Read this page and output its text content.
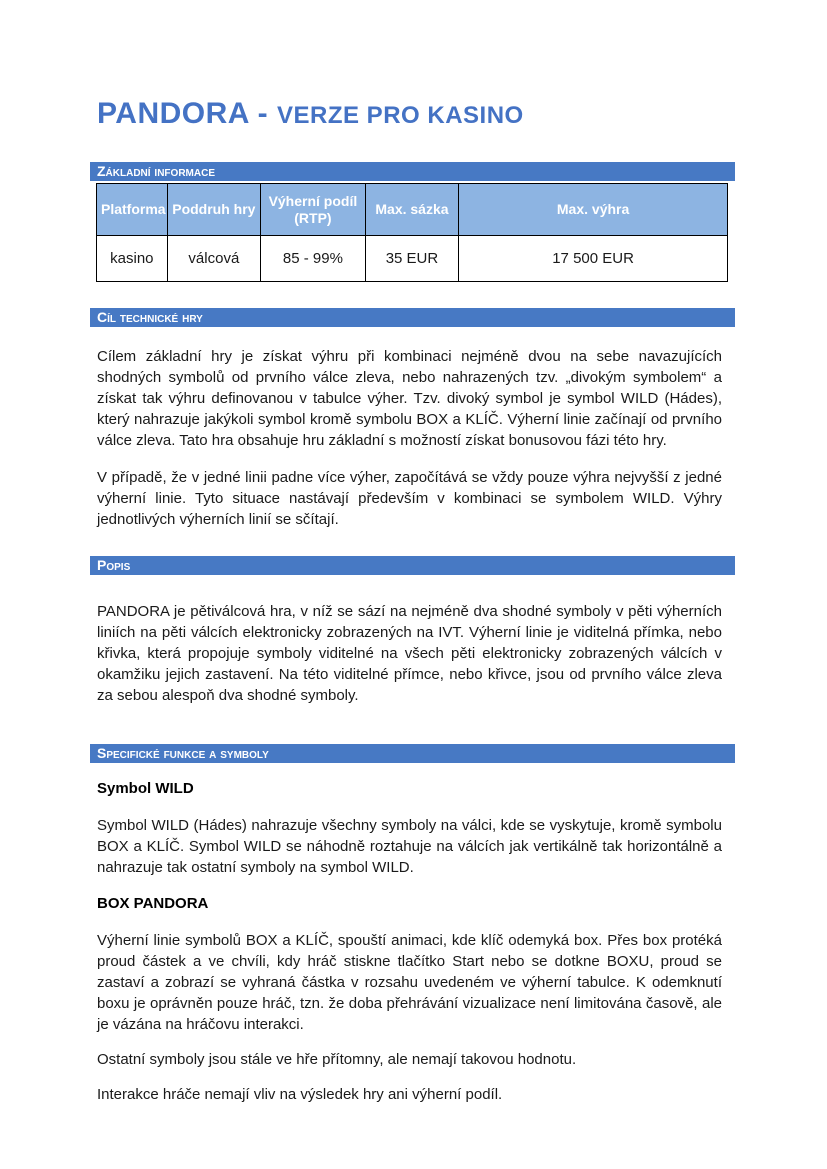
PANDORA - VERZE PRO KASINO
Základní informace
Platforma	Poddruh hry	Výherní podíl (RTP)	Max. sázka	Max. výhra
kasino	válcová	85 - 99%	35 EUR	17 500 EUR
Cíl technické hry

Cílem základní hry je získat výhru při kombinaci nejméně dvou na sebe navazujících shodných symbolů od prvního válce zleva, nebo nahrazených tzv. „divokým symbolem“ a získat tak výhru definovanou v tabulce výher. Tzv. divoký symbol je symbol WILD (Hádes), který nahrazuje jakýkoli symbol kromě symbolu BOX a KLÍČ. Výherní linie začínají od prvního válce zleva. Tato hra obsahuje hru základní s možností získat bonusovou fázi této hry.

V případě, že v jedné linii padne více výher, započítává se vždy pouze výhra nejvyšší z jedné výherní linie. Tyto situace nastávají především v kombinaci se symbolem WILD. Výhry jednotlivých výherních linií se sčítají.

Popis

PANDORA je pětiválcová hra, v níž se sází na nejméně dva shodné symboly v pěti výherních liniích na pěti válcích elektronicky zobrazených na IVT. Výherní linie je viditelná přímka, nebo křivka, která propojuje symboly viditelné na všech pěti elektronicky zobrazených válcích v okamžiku jejich zastavení. Na této viditelné přímce, nebo křivce, jsou od prvního válce zleva za sebou alespoň dva shodné symboly.

Specifické funkce a symboly
Symbol WILD

Symbol WILD (Hádes) nahrazuje všechny symboly na válci, kde se vyskytuje, kromě symbolu BOX a KLÍČ. Symbol WILD se náhodně roztahuje na válcích jak vertikálně tak horizontálně a nahrazuje tak ostatní symboly na symbol WILD.

BOX PANDORA

Výherní linie symbolů BOX a KLÍČ, spouští animaci, kde klíč odemyká box. Přes box protéká proud částek a ve chvíli, kdy hráč stiskne tlačítko Start nebo se dotkne BOXU, proud se zastaví a zobrazí se vyhraná částka v rozsahu uvedeném ve výherní tabulce. K odemknutí boxu je oprávněn pouze hráč, tzn. že doba přehrávání vizualizace není limitována časově, ale je vázána na hráčovu interakci.

Ostatní symboly jsou stále ve hře přítomny, ale nemají takovou hodnotu.

Interakce hráče nemají vliv na výsledek hry ani výherní podíl.
